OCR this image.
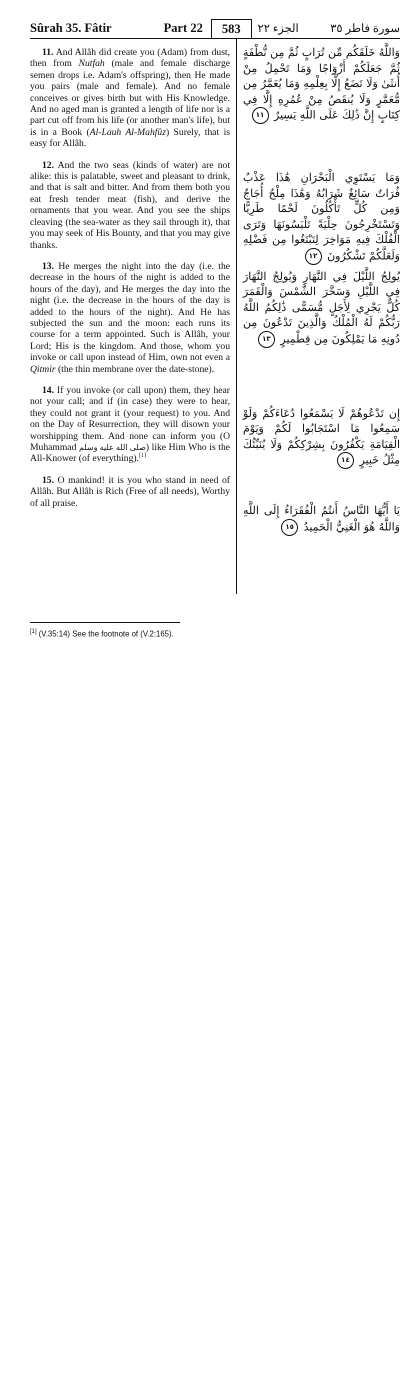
Sûrah 35. Fâtir	Part 22	583	الجزء ٢٢	سورة فاطر ٣٥

11. And Allâh did create you (Adam) from dust, then from Nutfah (male and female discharge semen drops i.e. Adam's offspring), then He made you pairs (male and female). And no female conceives or gives birth but with His Knowledge. And no aged man is granted a length of life nor is a part cut off from his life (or another man's life), but is in a Book (Al-Lauh Al-Mahfûz) Surely, that is easy for Allâh.

12. And the two seas (kinds of water) are not alike: this is palatable, sweet and pleasant to drink, and that is salt and bitter. And from them both you eat fresh tender meat (fish), and derive the ornaments that you wear. And you see the ships cleaving (the sea-water as they sail through it), that you may seek of His Bounty, and that you may give thanks.

13. He merges the night into the day (i.e. the decrease in the hours of the night is added to the hours of the day), and He merges the day into the night (i.e. the decrease in the hours of the day is added to the hours of the night). And He has subjected the sun and the moon: each runs its course for a term appointed. Such is Allâh, your Lord; His is the kingdom. And those, whom you invoke or call upon instead of Him, own not even a Qitmir (the thin membrane over the date-stone).

14. If you invoke (or call upon) them, they hear not your call; and if (in case) they were to hear, they could not grant it (your request) to you. And on the Day of Resurrection, they will disown your worshipping them. And none can inform you (O Muhammad صلى الله عليه وسلم) like Him Who is the All-Knower (of everything).[1]

15. O mankind! it is you who stand in need of Allâh. But Allâh is Rich (Free of all needs), Worthy of all praise.

وَاللَّهُ خَلَقَكُم مِّن تُرَابٍ ثُمَّ مِن نُّطْفَةٍ ثُمَّ جَعَلَكُمْ أَزْوَاجًا وَمَا تَحْمِلُ مِنْ أُنثَىٰ وَلَا تَضَعُ إِلَّا بِعِلْمِهِ وَمَا يُعَمَّرُ مِن مُّعَمَّرٍ وَلَا يُنقَصُ مِنْ عُمُرِهِ إِلَّا فِي كِتَابٍ إِنَّ ذَٰلِكَ عَلَى اللَّهِ يَسِيرٌ ١١

وَمَا يَسْتَوِي الْبَحْرَانِ هَٰذَا عَذْبٌ فُرَاتٌ سَائِغٌ شَرَابُهُ وَهَٰذَا مِلْحٌ أُجَاجٌ وَمِن كُلٍّ تَأْكُلُونَ لَحْمًا طَرِيًّا وَتَسْتَخْرِجُونَ حِلْيَةً تَلْبَسُونَهَا وَتَرَى الْفُلْكَ فِيهِ مَوَاخِرَ لِتَبْتَغُوا مِن فَضْلِهِ وَلَعَلَّكُمْ تَشْكُرُونَ ١٢

يُولِجُ اللَّيْلَ فِي النَّهَارِ وَيُولِجُ النَّهَارَ فِي اللَّيْلِ وَسَخَّرَ الشَّمْسَ وَالْقَمَرَ كُلٌّ يَجْرِي لِأَجَلٍ مُّسَمًّى ذَٰلِكُمُ اللَّهُ رَبُّكُمْ لَهُ الْمُلْكُ وَالَّذِينَ تَدْعُونَ مِن دُونِهِ مَا يَمْلِكُونَ مِن قِطْمِيرٍ ١٣

إِن تَدْعُوهُمْ لَا يَسْمَعُوا دُعَاءَكُمْ وَلَوْ سَمِعُوا مَا اسْتَجَابُوا لَكُمْ وَيَوْمَ الْقِيَامَةِ يَكْفُرُونَ بِشِرْكِكُمْ وَلَا يُنَبِّئُكَ مِثْلُ خَبِيرٍ ١٤

يَا أَيُّهَا النَّاسُ أَنتُمُ الْفُقَرَاءُ إِلَى اللَّهِ وَاللَّهُ هُوَ الْغَنِيُّ الْحَمِيدُ ١٥

[1] (V.35:14) See the footnote of (V.2:165).
